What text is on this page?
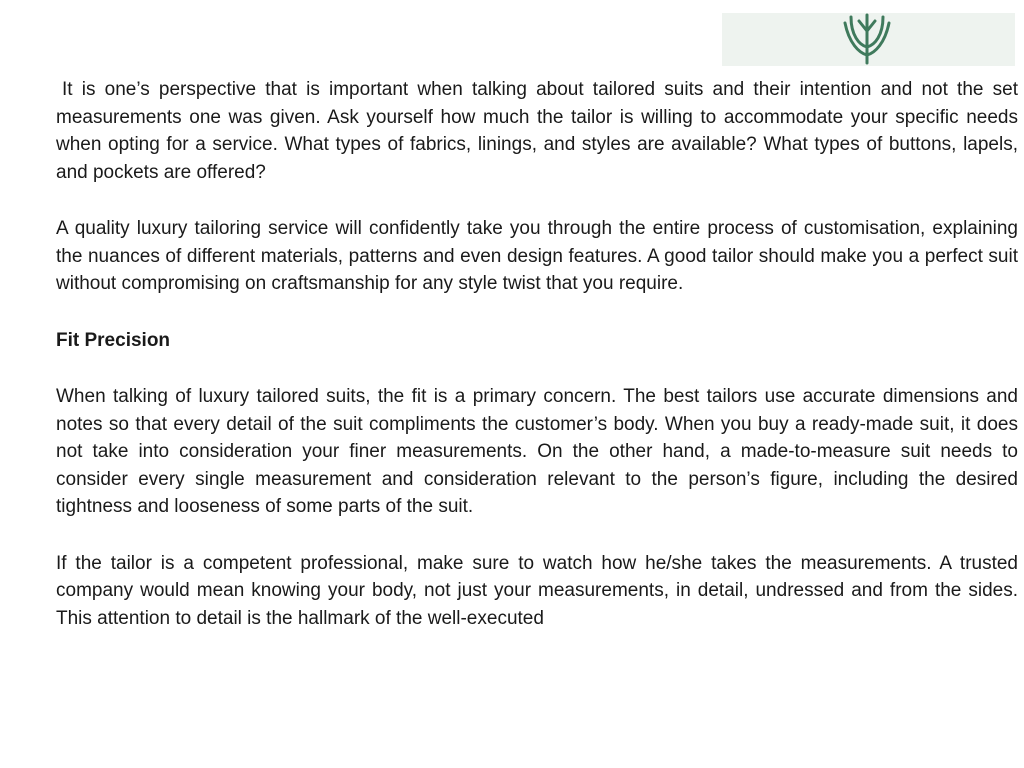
It is one’s perspective that is important when talking about tailored suits and their intention and not the set measurements one was given. Ask yourself how much the tailor is willing to accommodate your specific needs when opting for a service. What types of fabrics, linings, and styles are available? What types of buttons, lapels, and pockets are offered?

A quality luxury tailoring service will confidently take you through the entire process of customisation, explaining the nuances of different materials, patterns and even design features. A good tailor should make you a perfect suit without compromising on craftsmanship for any style twist that you require.

Fit Precision

When talking of luxury tailored suits, the fit is a primary concern. The best tailors use accurate dimensions and notes so that every detail of the suit compliments the customer’s body. When you buy a ready-made suit, it does not take into consideration your finer measurements. On the other hand, a made-to-measure suit needs to consider every single measurement and consideration relevant to the person’s figure, including the desired tightness and looseness of some parts of the suit.

If the tailor is a competent professional, make sure to watch how he/she takes the measurements. A trusted company would mean knowing your body, not just your measurements, in detail, undressed and from the sides. This attention to detail is the hallmark of the well-executed
